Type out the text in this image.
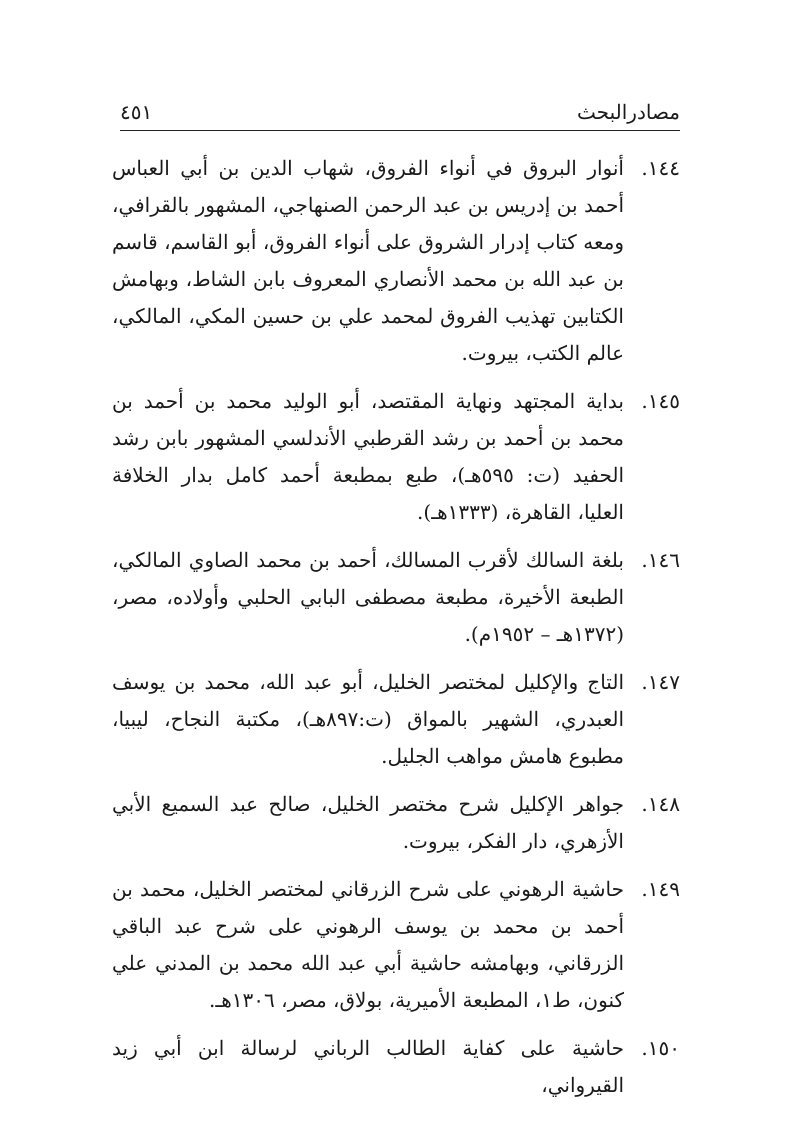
مصادرالبحث
٤٥١
١٤٤.
أنوار البروق في أنواء الفروق، شهاب الدين بن أبي العباس أحمد بن إدريس بن عبد الرحمن الصنهاجي، المشهور بالقرافي، ومعه كتاب إدرار الشروق على أنواء الفروق، أبو القاسم، قاسم بن عبد الله بن محمد الأنصاري المعروف بابن الشاط، وبهامش الكتابين تهذيب الفروق لمحمد علي بن حسين المكي، المالكي، عالم الكتب، بيروت.
١٤٥.
بداية المجتهد ونهاية المقتصد، أبو الوليد محمد بن أحمد بن محمد بن أحمد بن رشد القرطبي الأندلسي المشهور بابن رشد الحفيد (ت: ٥٩٥هـ)، طبع بمطبعة أحمد كامل بدار الخلافة العليا، القاهرة، (١٣٣٣هـ).
١٤٦.
بلغة السالك لأقرب المسالك، أحمد بن محمد الصاوي المالكي، الطبعة الأخيرة، مطبعة مصطفى البابي الحلبي وأولاده، مصر، (١٣٧٢هـ – ١٩٥٢م).
١٤٧.
التاج والإكليل لمختصر الخليل، أبو عبد الله، محمد بن يوسف العبدري، الشهير بالمواق (ت:٨٩٧هـ)، مكتبة النجاح، ليبيا، مطبوع هامش مواهب الجليل.
١٤٨.
جواهر الإكليل شرح مختصر الخليل، صالح عبد السميع الأبي الأزهري، دار الفكر، بيروت.
١٤٩.
حاشية الرهوني على شرح الزرقاني لمختصر الخليل، محمد بن أحمد بن محمد بن يوسف الرهوني على شرح عبد الباقي الزرقاني، وبهامشه حاشية أبي عبد الله محمد بن المدني علي كنون، ط١، المطبعة الأميرية، بولاق، مصر، ١٣٠٦هـ.
١٥٠.
حاشية على كفاية الطالب الرباني لرسالة ابن أبي زيد القيرواني،
